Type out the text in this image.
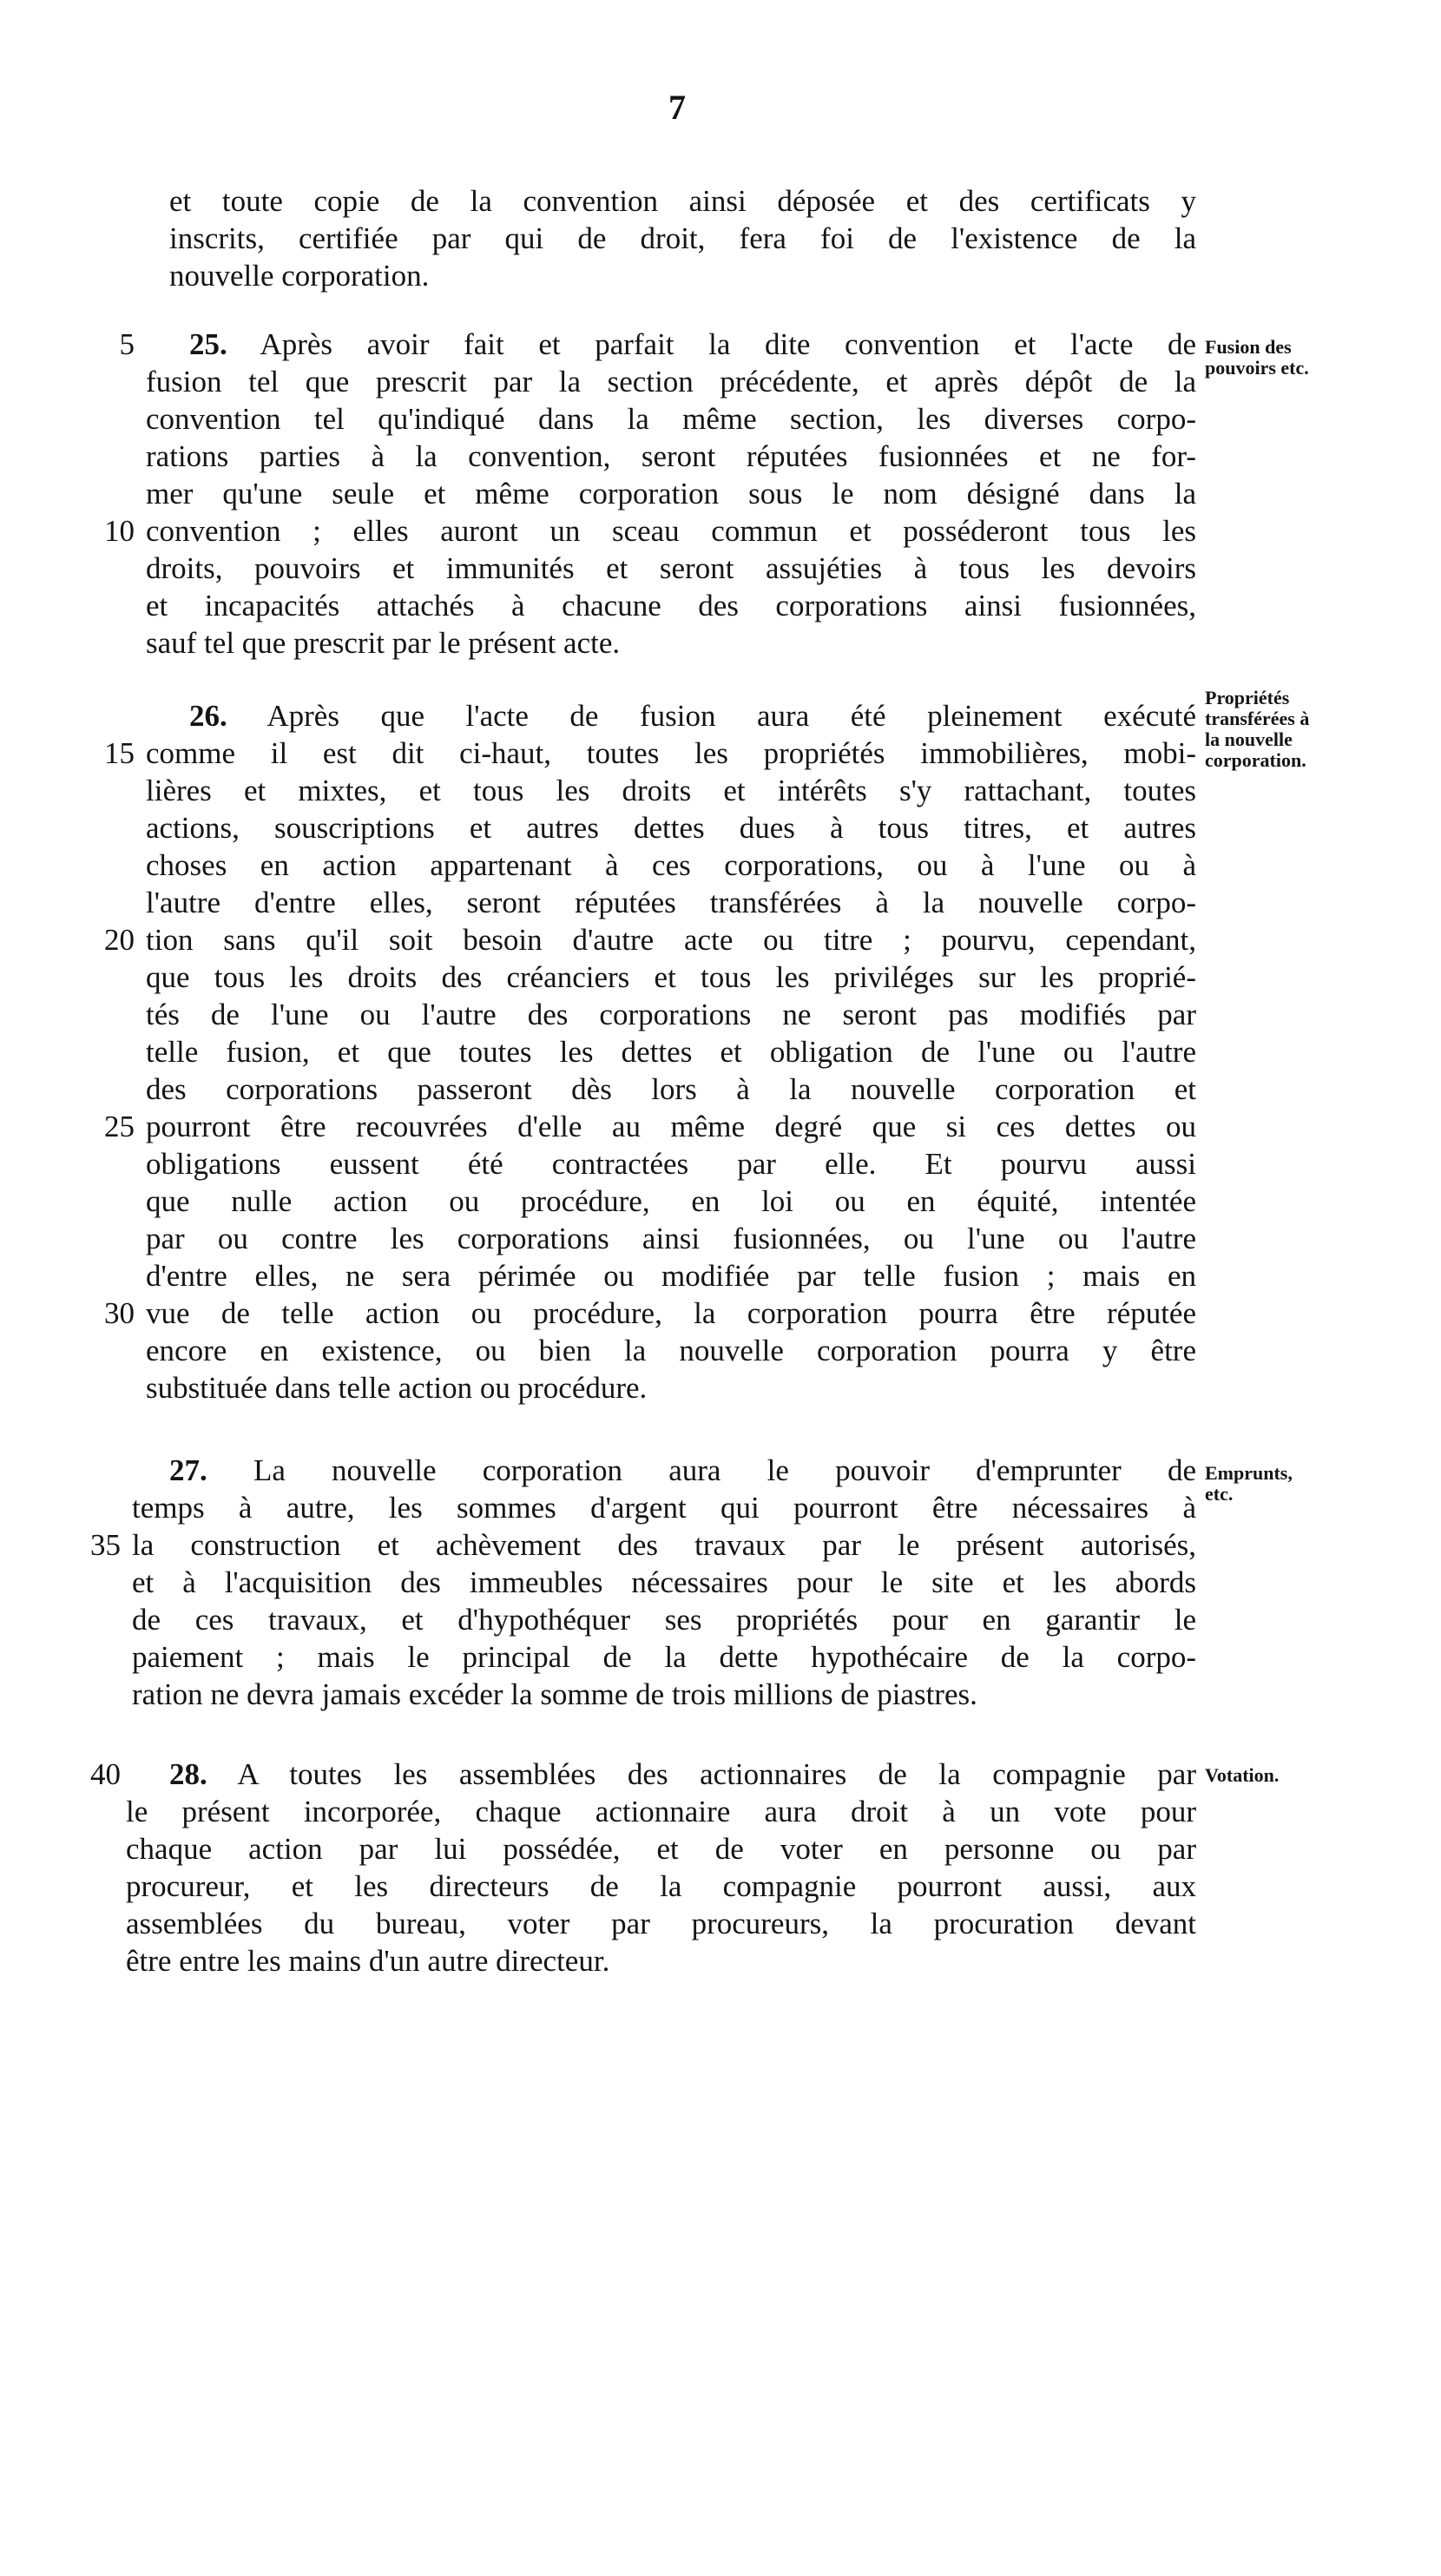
7
et toute copie de la convention ainsi déposée et des certificats y
inscrits, certifiée par qui de droit, fera foi de l'existence de la
nouvelle corporation.
Fusion des
pouvoirs etc.
25. Après avoir fait et parfait la dite convention et l'acte de
fusion tel que prescrit par la section précédente, et après dépôt de la
convention tel qu'indiqué dans la même section, les diverses corpo-
rations parties à la convention, seront réputées fusionnées et ne for-
mer qu'une seule et même corporation sous le nom désigné dans la
convention ; elles auront un sceau commun et posséderont tous les
droits, pouvoirs et immunités et seront assujéties à tous les devoirs
et incapacités attachés à chacune des corporations ainsi fusionnées,
sauf tel que prescrit par le présent acte.
Propriétés
transférées à
la nouvelle
corporation.
26. Après que l'acte de fusion aura été pleinement exécuté
comme il est dit ci-haut, toutes les propriétés immobilières, mobi-
lières et mixtes, et tous les droits et intérêts s'y rattachant, toutes
actions, souscriptions et autres dettes dues à tous titres, et autres
choses en action appartenant à ces corporations, ou à l'une ou à
l'autre d'entre elles, seront réputées transférées à la nouvelle corpo-
tion sans qu'il soit besoin d'autre acte ou titre ; pourvu, cependant,
que tous les droits des créanciers et tous les priviléges sur les proprié-
tés de l'une ou l'autre des corporations ne seront pas modifiés par
telle fusion, et que toutes les dettes et obligation de l'une ou l'autre
des corporations passeront dès lors à la nouvelle corporation et
pourront être recouvrées d'elle au même degré que si ces dettes ou
obligations eussent été contractées par elle. Et pourvu aussi
que nulle action ou procédure, en loi ou en équité, intentée
par ou contre les corporations ainsi fusionnées, ou l'une ou l'autre
d'entre elles, ne sera périmée ou modifiée par telle fusion ; mais en
vue de telle action ou procédure, la corporation pourra être réputée
encore en existence, ou bien la nouvelle corporation pourra y être
substituée dans telle action ou procédure.
Emprunts,
etc.
27. La nouvelle corporation aura le pouvoir d'emprunter de
temps à autre, les sommes d'argent qui pourront être nécessaires à
la construction et achèvement des travaux par le présent autorisés,
et à l'acquisition des immeubles nécessaires pour le site et les abords
de ces travaux, et d'hypothéquer ses propriétés pour en garantir le
paiement ; mais le principal de la dette hypothécaire de la corpo-
ration ne devra jamais excéder la somme de trois millions de piastres.
Votation.
28. A toutes les assemblées des actionnaires de la compagnie par
le présent incorporée, chaque actionnaire aura droit à un vote pour
chaque action par lui possédée, et de voter en personne ou par
procureur, et les directeurs de la compagnie pourront aussi, aux
assemblées du bureau, voter par procureurs, la procuration devant
être entre les mains d'un autre directeur.
5
10
15
20
25
30
35
40
